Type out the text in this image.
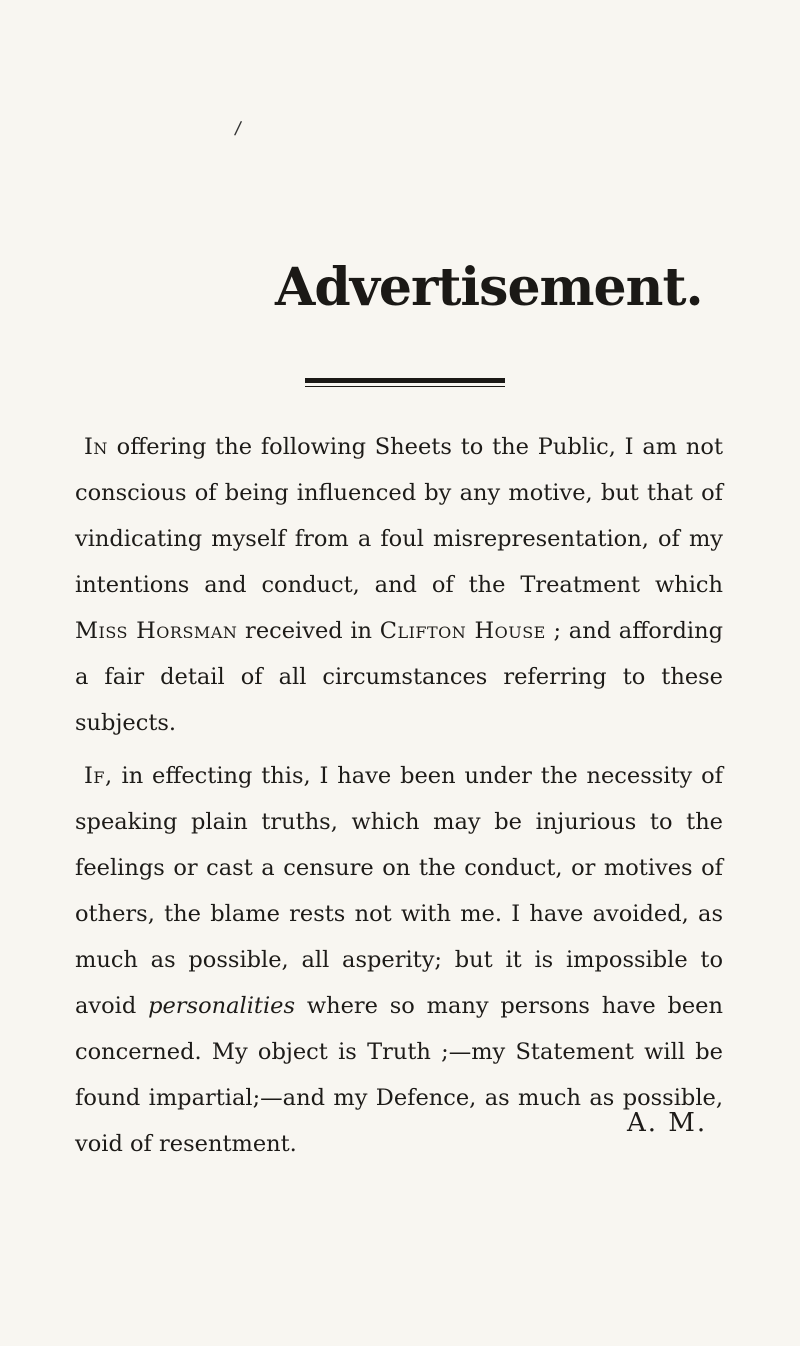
/
Advertisement.

In offering the following Sheets to the Public, I am not conscious of being influenced by any motive, but that of vindicating myself from a foul misrepresentation, of my intentions and conduct, and of the Treatment which Miss Horsman received in Clifton House ; and affording a fair detail of all circumstances referring to these subjects.

If, in effecting this, I have been under the necessity of speaking plain truths, which may be injurious to the feelings or cast a censure on the conduct, or motives of others, the blame rests not with me. I have avoided, as much as possible, all asperity; but it is impossible to avoid personalities where so many persons have been concerned. My object is Truth ;—my Statement will be found impartial;—and my Defence, as much as possible, void of resentment.

A. M.
